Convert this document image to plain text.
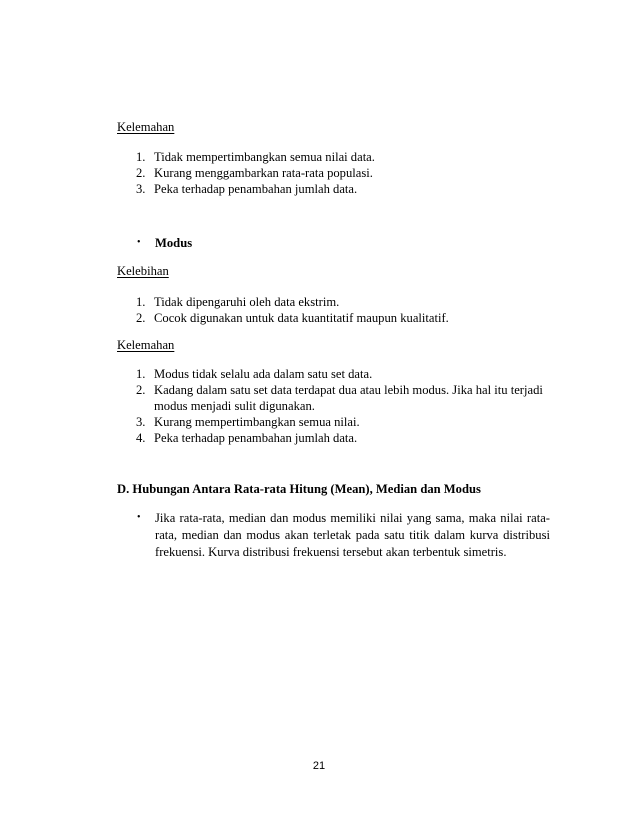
Kelemahan
1. Tidak mempertimbangkan semua nilai data.
2. Kurang menggambarkan rata-rata populasi.
3. Peka terhadap penambahan jumlah data.
• Modus
Kelebihan
1. Tidak dipengaruhi oleh data ekstrim.
2. Cocok digunakan untuk data kuantitatif maupun kualitatif.
Kelemahan
1. Modus tidak selalu ada dalam satu set data.
2. Kadang dalam satu set data terdapat dua atau lebih modus. Jika hal itu terjadi
modus menjadi sulit digunakan.
3. Kurang mempertimbangkan semua nilai.
4. Peka terhadap penambahan jumlah data.
D. Hubungan Antara Rata-rata Hitung (Mean), Median dan Modus
• Jika rata-rata, median dan modus memiliki nilai yang sama, maka nilai rata-rata, median dan modus akan terletak pada satu titik dalam kurva distribusi frekuensi. Kurva distribusi frekuensi tersebut akan terbentuk simetris.
21
